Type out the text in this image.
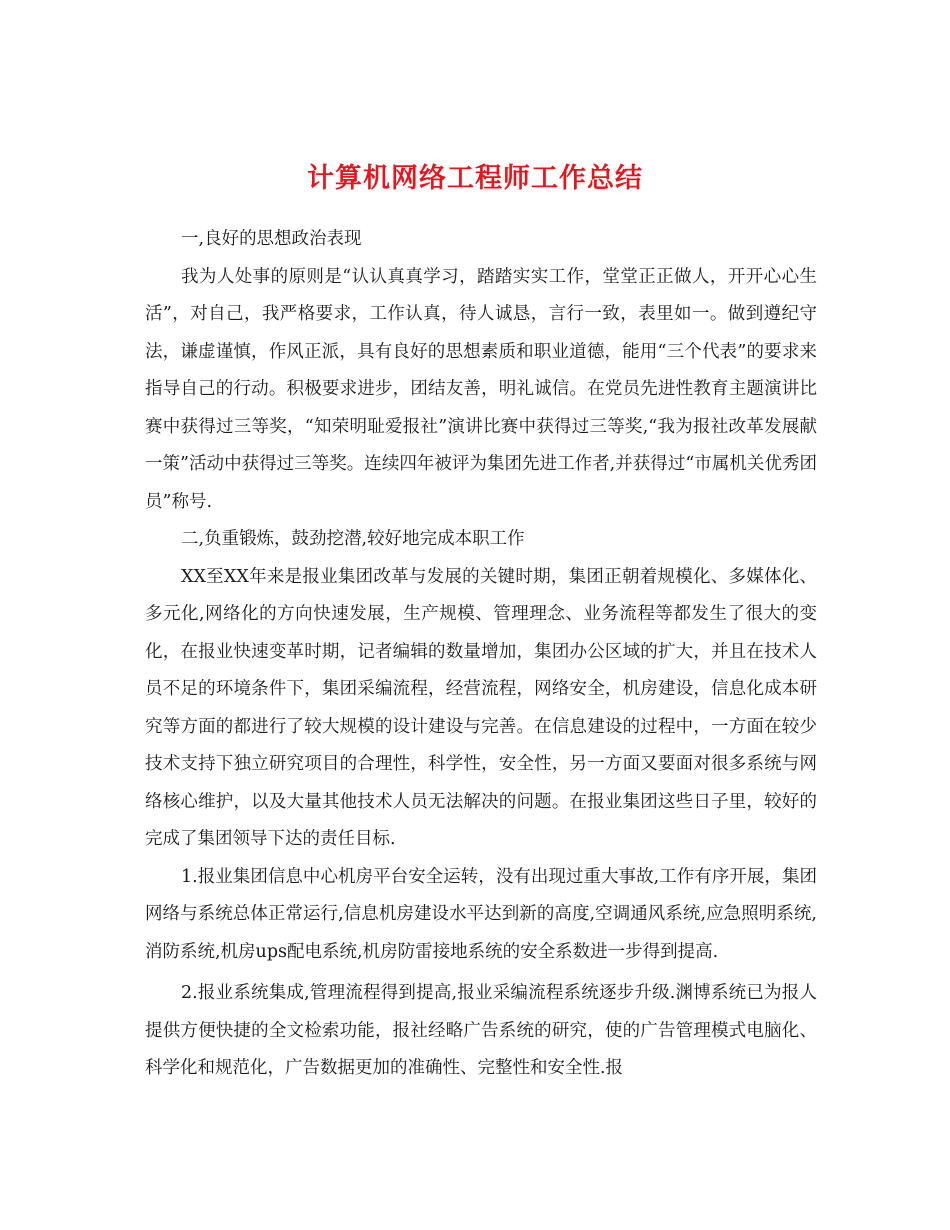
计算机网络工程师工作总结

一,良好的思想政治表现

我为人处事的原则是“认认真真学习，踏踏实实工作，堂堂正正做人，开开心心生活”，对自己，我严格要求，工作认真，待人诚恳，言行一致，表里如一。做到遵纪守法，谦虚谨慎，作风正派，具有良好的思想素质和职业道德，能用“三个代表”的要求来指导自己的行动。积极要求进步，团结友善，明礼诚信。在党员先进性教育主题演讲比赛中获得过三等奖，“知荣明耻爱报社”演讲比赛中获得过三等奖,“我为报社改革发展献一策”活动中获得过三等奖。连续四年被评为集团先进工作者,并获得过“市属机关优秀团员”称号.

二,负重锻炼，鼓劲挖潜,较好地完成本职工作

XX至XX年来是报业集团改革与发展的关键时期，集团正朝着规模化、多媒体化、多元化,网络化的方向快速发展，生产规模、管理理念、业务流程等都发生了很大的变化，在报业快速变革时期，记者编辑的数量增加，集团办公区域的扩大，并且在技术人员不足的环境条件下，集团采编流程，经营流程，网络安全，机房建设，信息化成本研究等方面的都进行了较大规模的设计建设与完善。在信息建设的过程中，一方面在较少技术支持下独立研究项目的合理性，科学性，安全性，另一方面又要面对很多系统与网络核心维护，以及大量其他技术人员无法解决的问题。在报业集团这些日子里，较好的完成了集团领导下达的责任目标.

1.报业集团信息中心机房平台安全运转，没有出现过重大事故,工作有序开展，集团网络与系统总体正常运行,信息机房建设水平达到新的高度,空调通风系统,应急照明系统,消防系统,机房ups配电系统,机房防雷接地系统的安全系数进一步得到提高.

2.报业系统集成,管理流程得到提高,报业采编流程系统逐步升级.渊博系统已为报人提供方便快捷的全文检索功能，报社经略广告系统的研究，使的广告管理模式电脑化、科学化和规范化，广告数据更加的准确性、完整性和安全性.报
